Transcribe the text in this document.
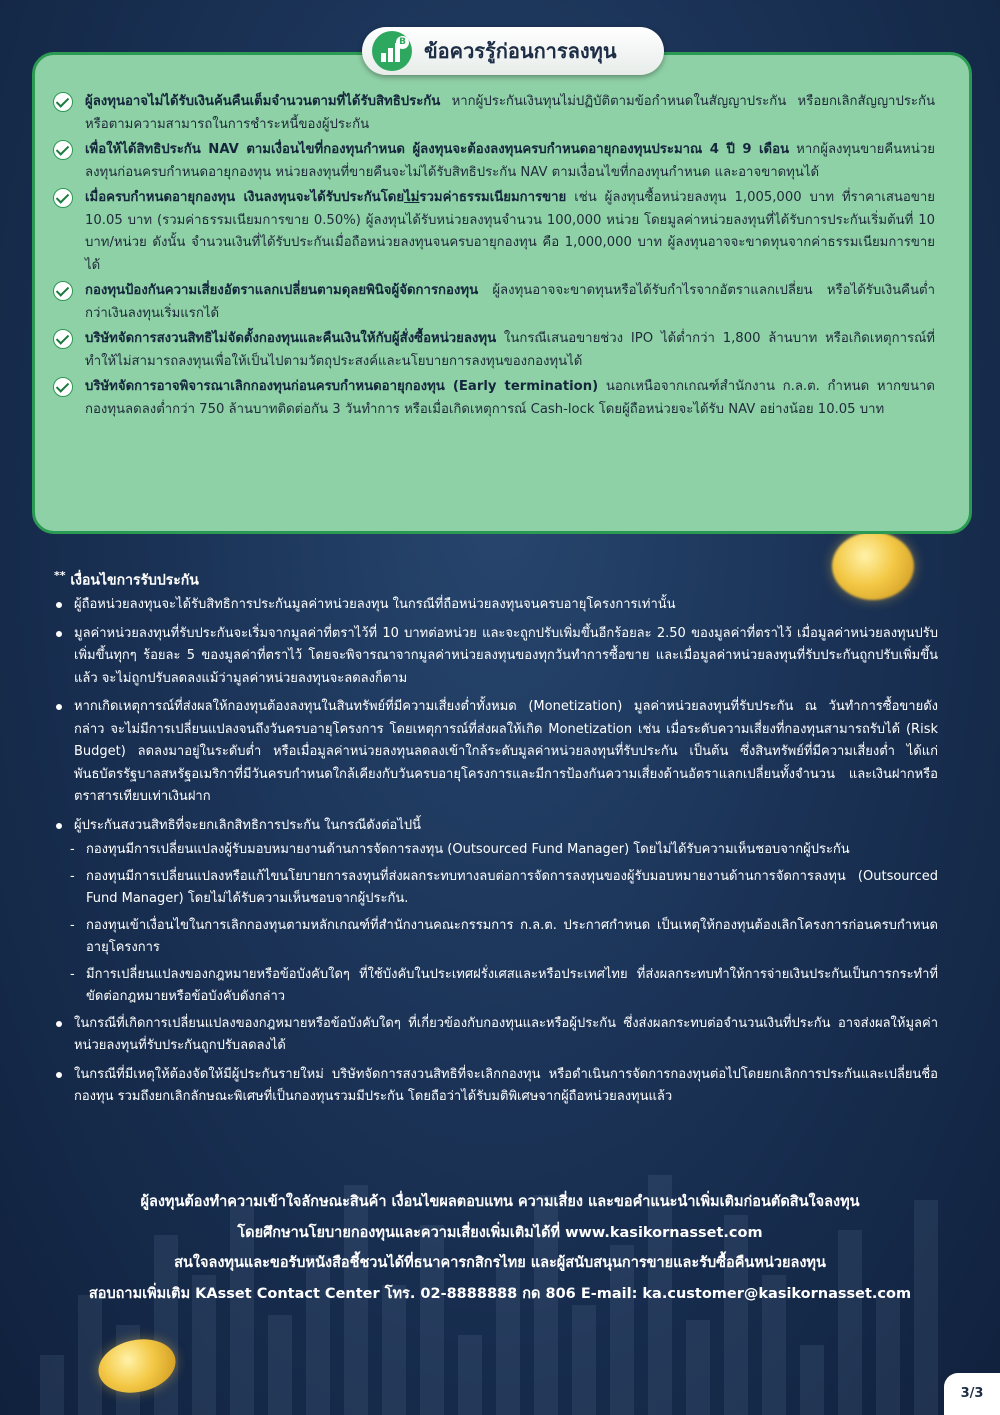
B ข้อควรรู้ก่อนการลงทุน
ผู้ลงทุนอาจไม่ได้รับเงินค้นคืนเต็มจำนวนตามที่ได้รับสิทธิประกัน หากผู้ประกันเงินทุนไม่ปฏิบัติตามข้อกำหนดในสัญญาประกัน หรือยกเลิกสัญญาประกัน หรือตามความสามารถในการชำระหนี้ของผู้ประกัน
เพื่อให้ได้สิทธิประกัน NAV ตามเงื่อนไขที่กองทุนกำหนด ผู้ลงทุนจะต้องลงทุนครบกำหนดอายุกองทุนประมาณ 4 ปี 9 เดือน หากผู้ลงทุนขายคืนหน่วยลงทุนก่อนครบกำหนดอายุกองทุน หน่วยลงทุนที่ขายคืนจะไม่ได้รับสิทธิประกัน NAV ตามเงื่อนไขที่กองทุนกำหนด และอาจขาดทุนได้
เมื่อครบกำหนดอายุกองทุน เงินลงทุนจะได้รับประกันโดยไม่รวมค่าธรรมเนียมการขาย เช่น ผู้ลงทุนซื้อหน่วยลงทุน 1,005,000 บาท ที่ราคาเสนอขาย 10.05 บาท (รวมค่าธรรมเนียมการขาย 0.50%) ผู้ลงทุนได้รับหน่วยลงทุนจำนวน 100,000 หน่วย โดยมูลค่าหน่วยลงทุนที่ได้รับการประกันเริ่มต้นที่ 10 บาท/หน่วย ดังนั้น จำนวนเงินที่ได้รับประกันเมื่อถือหน่วยลงทุนจนครบอายุกองทุน คือ 1,000,000 บาท ผู้ลงทุนอาจจะขาดทุนจากค่าธรรมเนียมการขายได้
กองทุนป้องกันความเสี่ยงอัตราแลกเปลี่ยนตามดุลยพินิจผู้จัดการกองทุน ผู้ลงทุนอาจจะขาดทุนหรือได้รับกำไรจากอัตราแลกเปลี่ยน หรือได้รับเงินคืนต่ำกว่าเงินลงทุนเริ่มแรกได้
บริษัทจัดการสงวนสิทธิไม่จัดตั้งกองทุนและคืนเงินให้กับผู้สั่งซื้อหน่วยลงทุน ในกรณีเสนอขายช่วง IPO ได้ต่ำกว่า 1,800 ล้านบาท หรือเกิดเหตุการณ์ที่ทำให้ไม่สามารถลงทุนเพื่อให้เป็นไปตามวัตถุประสงค์และนโยบายการลงทุนของกองทุนได้
บริษัทจัดการอาจพิจารณาเลิกกองทุนก่อนครบกำหนดอายุกองทุน (Early termination) นอกเหนือจากเกณฑ์สำนักงาน ก.ล.ต. กำหนด หากขนาดกองทุนลดลงต่ำกว่า 750 ล้านบาทติดต่อกัน 3 วันทำการ หรือเมื่อเกิดเหตุการณ์ Cash-lock โดยผู้ถือหน่วยจะได้รับ NAV อย่างน้อย 10.05 บาท
** เงื่อนไขการรับประกัน
ผู้ถือหน่วยลงทุนจะได้รับสิทธิการประกันมูลค่าหน่วยลงทุน ในกรณีที่ถือหน่วยลงทุนจนครบอายุโครงการเท่านั้น
มูลค่าหน่วยลงทุนที่รับประกันจะเริ่มจากมูลค่าที่ตราไว้ที่ 10 บาทต่อหน่วย และจะถูกปรับเพิ่มขึ้นอีกร้อยละ 2.50 ของมูลค่าที่ตราไว้ เมื่อมูลค่าหน่วยลงทุนปรับเพิ่มขึ้นทุกๆ ร้อยละ 5 ของมูลค่าที่ตราไว้ โดยจะพิจารณาจากมูลค่าหน่วยลงทุนของทุกวันทำการซื้อขาย และเมื่อมูลค่าหน่วยลงทุนที่รับประกันถูกปรับเพิ่มขึ้นแล้ว จะไม่ถูกปรับลดลงแม้ว่ามูลค่าหน่วยลงทุนจะลดลงก็ตาม
หากเกิดเหตุการณ์ที่ส่งผลให้กองทุนต้องลงทุนในสินทรัพย์ที่มีความเสี่ยงต่ำทั้งหมด (Monetization) มูลค่าหน่วยลงทุนที่รับประกัน ณ วันทำการซื้อขายดังกล่าว จะไม่มีการเปลี่ยนแปลงจนถึงวันครบอายุโครงการ โดยเหตุการณ์ที่ส่งผลให้เกิด Monetization เช่น เมื่อระดับความเสี่ยงที่กองทุนสามารถรับได้ (Risk Budget) ลดลงมาอยู่ในระดับต่ำ หรือเมื่อมูลค่าหน่วยลงทุนลดลงเข้าใกล้ระดับมูลค่าหน่วยลงทุนที่รับประกัน เป็นต้น ซึ่งสินทรัพย์ที่มีความเสี่ยงต่ำ ได้แก่ พันธบัตรรัฐบาลสหรัฐอเมริกาที่มีวันครบกำหนดใกล้เคียงกับวันครบอายุโครงการและมีการป้องกันความเสี่ยงด้านอัตราแลกเปลี่ยนทั้งจำนวน และเงินฝากหรือตราสารเทียบเท่าเงินฝาก
ผู้ประกันสงวนสิทธิที่จะยกเลิกสิทธิการประกัน ในกรณีดังต่อไปนี้
- กองทุนมีการเปลี่ยนแปลงผู้รับมอบหมายงานด้านการจัดการลงทุน (Outsourced Fund Manager) โดยไม่ได้รับความเห็นชอบจากผู้ประกัน
- กองทุนมีการเปลี่ยนแปลงหรือแก้ไขนโยบายการลงทุนที่ส่งผลกระทบทางลบต่อการจัดการลงทุนของผู้รับมอบหมายงานด้านการจัดการลงทุน (Outsourced Fund Manager) โดยไม่ได้รับความเห็นชอบจากผู้ประกัน.
- กองทุนเข้าเงื่อนไขในการเลิกกองทุนตามหลักเกณฑ์ที่สำนักงานคณะกรรมการ ก.ล.ต. ประกาศกำหนด เป็นเหตุให้กองทุนต้องเลิกโครงการก่อนครบกำหนดอายุโครงการ
- มีการเปลี่ยนแปลงของกฎหมายหรือข้อบังคับใดๆ ที่ใช้บังคับในประเทศฝรั่งเศสและหรือประเทศไทย ที่ส่งผลกระทบทำให้การจ่ายเงินประกันเป็นการกระทำที่ขัดต่อกฎหมายหรือข้อบังคับดังกล่าว
ในกรณีที่เกิดการเปลี่ยนแปลงของกฎหมายหรือข้อบังคับใดๆ ที่เกี่ยวข้องกับกองทุนและหรือผู้ประกัน ซึ่งส่งผลกระทบต่อจำนวนเงินที่ประกัน อาจส่งผลให้มูลค่าหน่วยลงทุนที่รับประกันถูกปรับลดลงได้
ในกรณีที่มีเหตุให้ต้องจัดให้มีผู้ประกันรายใหม่ บริษัทจัดการสงวนสิทธิที่จะเลิกกองทุน หรือดำเนินการจัดการกองทุนต่อไปโดยยกเลิกการประกันและเปลี่ยนชื่อกองทุน รวมถึงยกเลิกลักษณะพิเศษที่เป็นกองทุนรวมมีประกัน โดยถือว่าได้รับมติพิเศษจากผู้ถือหน่วยลงทุนแล้ว
ผู้ลงทุนต้องทำความเข้าใจลักษณะสินค้า เงื่อนไขผลตอบแทน ความเสี่ยง และขอคำแนะนำเพิ่มเติมก่อนตัดสินใจลงทุน
โดยศึกษานโยบายกองทุนและความเสี่ยงเพิ่มเติมได้ที่ www.kasikornasset.com
สนใจลงทุนและขอรับหนังสือชี้ชวนได้ที่ธนาคารกสิกรไทย และผู้สนับสนุนการขายและรับซื้อคืนหน่วยลงทุน
สอบถามเพิ่มเติม KAsset Contact Center โทร. 02-8888888 กด 806 E-mail: ka.customer@kasikornasset.com
3/3
